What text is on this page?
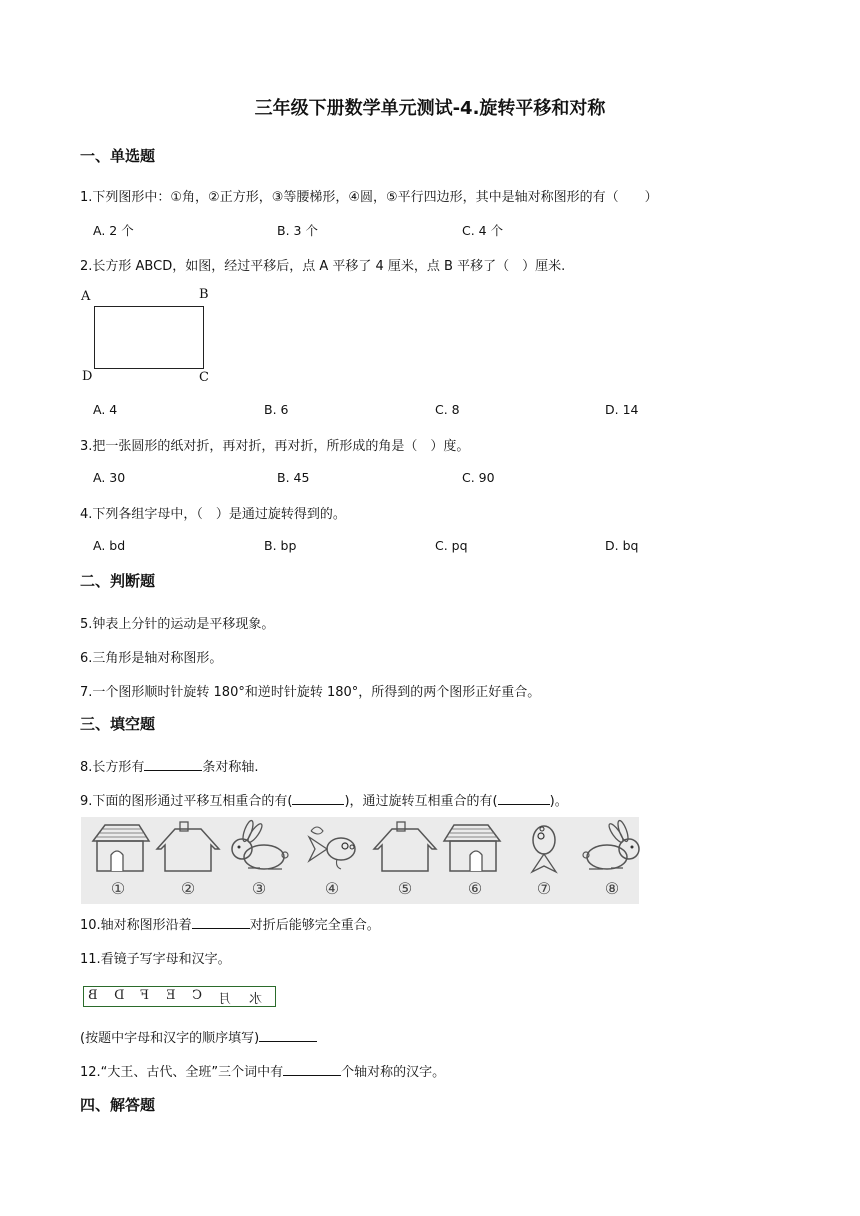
三年级下册数学单元测试-4.旋转平移和对称
一、单选题
1.下列图形中：①角，②正方形，③等腰梯形，④圆，⑤平行四边形，其中是轴对称图形的有（　　）
A. 2 个	B. 3 个	C. 4 个
2.长方形 ABCD，如图，经过平移后，点 A 平移了 4 厘米，点 B 平移了（　）厘米.
A	B
D	C
A. 4	B. 6	C. 8	D. 14
3.把一张圆形的纸对折，再对折，再对折，所形成的角是（　）度。
A. 30	B. 45	C. 90
4.下列各组字母中，（　）是通过旋转得到的。
A. bd	B. bp	C. pq	D. bq
二、判断题
5.钟表上分针的运动是平移现象。
6.三角形是轴对称图形。
7.一个图形顺时针旋转 180°和逆时针旋转 180°，所得到的两个图形正好重合。
三、填空题
8.长方形有	条对称轴.
9.下面的图形通过平移互相重合的有(	)，通过旋转互相重合的有(	)。
①	②	③	④	⑤	⑥	⑦	⑧
10.轴对称图形沿着	对折后能够完全重合。
11.看镜子写字母和汉字。
B D F E C 月 水
(按题中字母和汉字的顺序填写)
12.“大王、古代、全班”三个词中有	个轴对称的汉字。
四、解答题
